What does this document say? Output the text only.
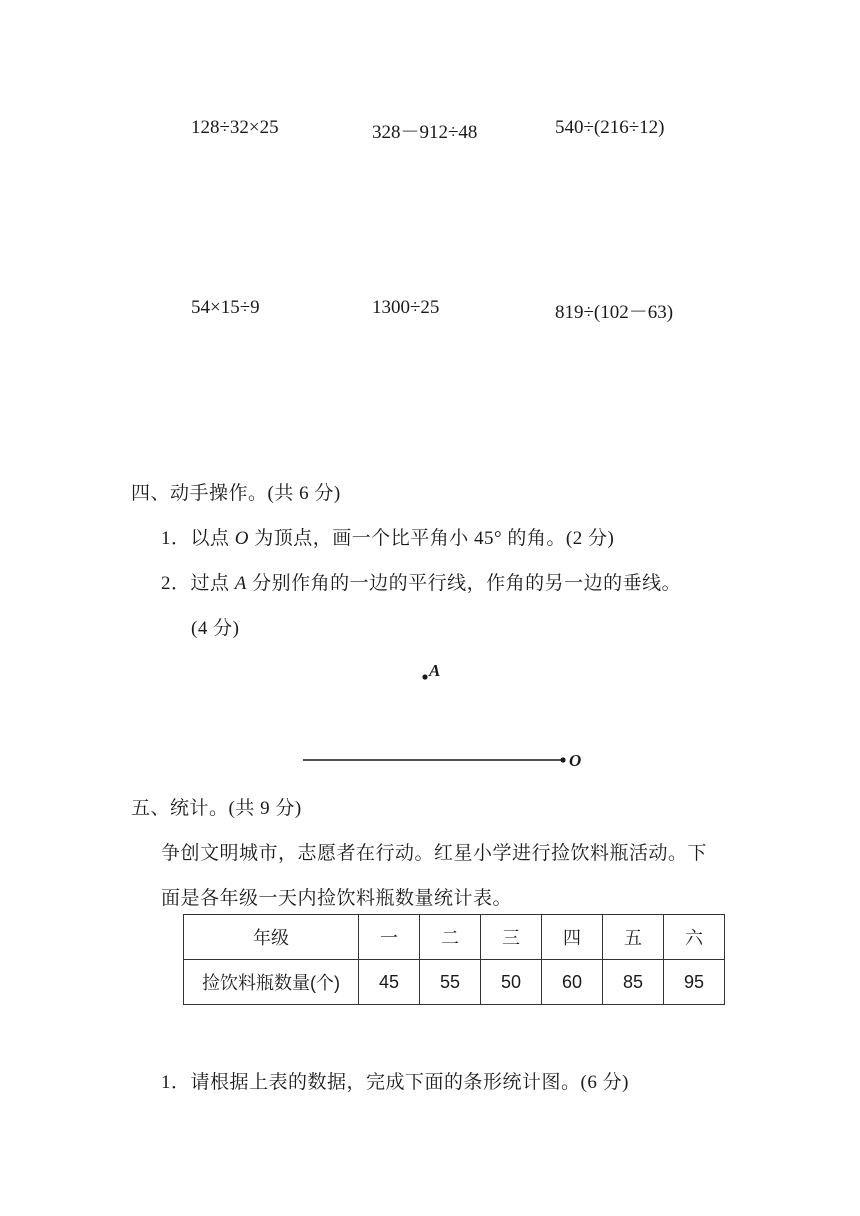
128÷32×25	328－912÷48	540÷(216÷12)
54×15÷9	1300÷25	819÷(102－63)
四、动手操作。(共 6 分)
1．以点 O 为顶点，画一个比平角小 45° 的角。(2 分)
2．过点 A 分别作角的一边的平行线，作角的另一边的垂线。
(4 分)
A
O
五、统计。(共 9 分)
争创文明城市，志愿者在行动。红星小学进行捡饮料瓶活动。下
面是各年级一天内捡饮料瓶数量统计表。
年级	一	二	三	四	五	六
捡饮料瓶数量(个)	45	55	50	60	85	95
1．请根据上表的数据，完成下面的条形统计图。(6 分)
